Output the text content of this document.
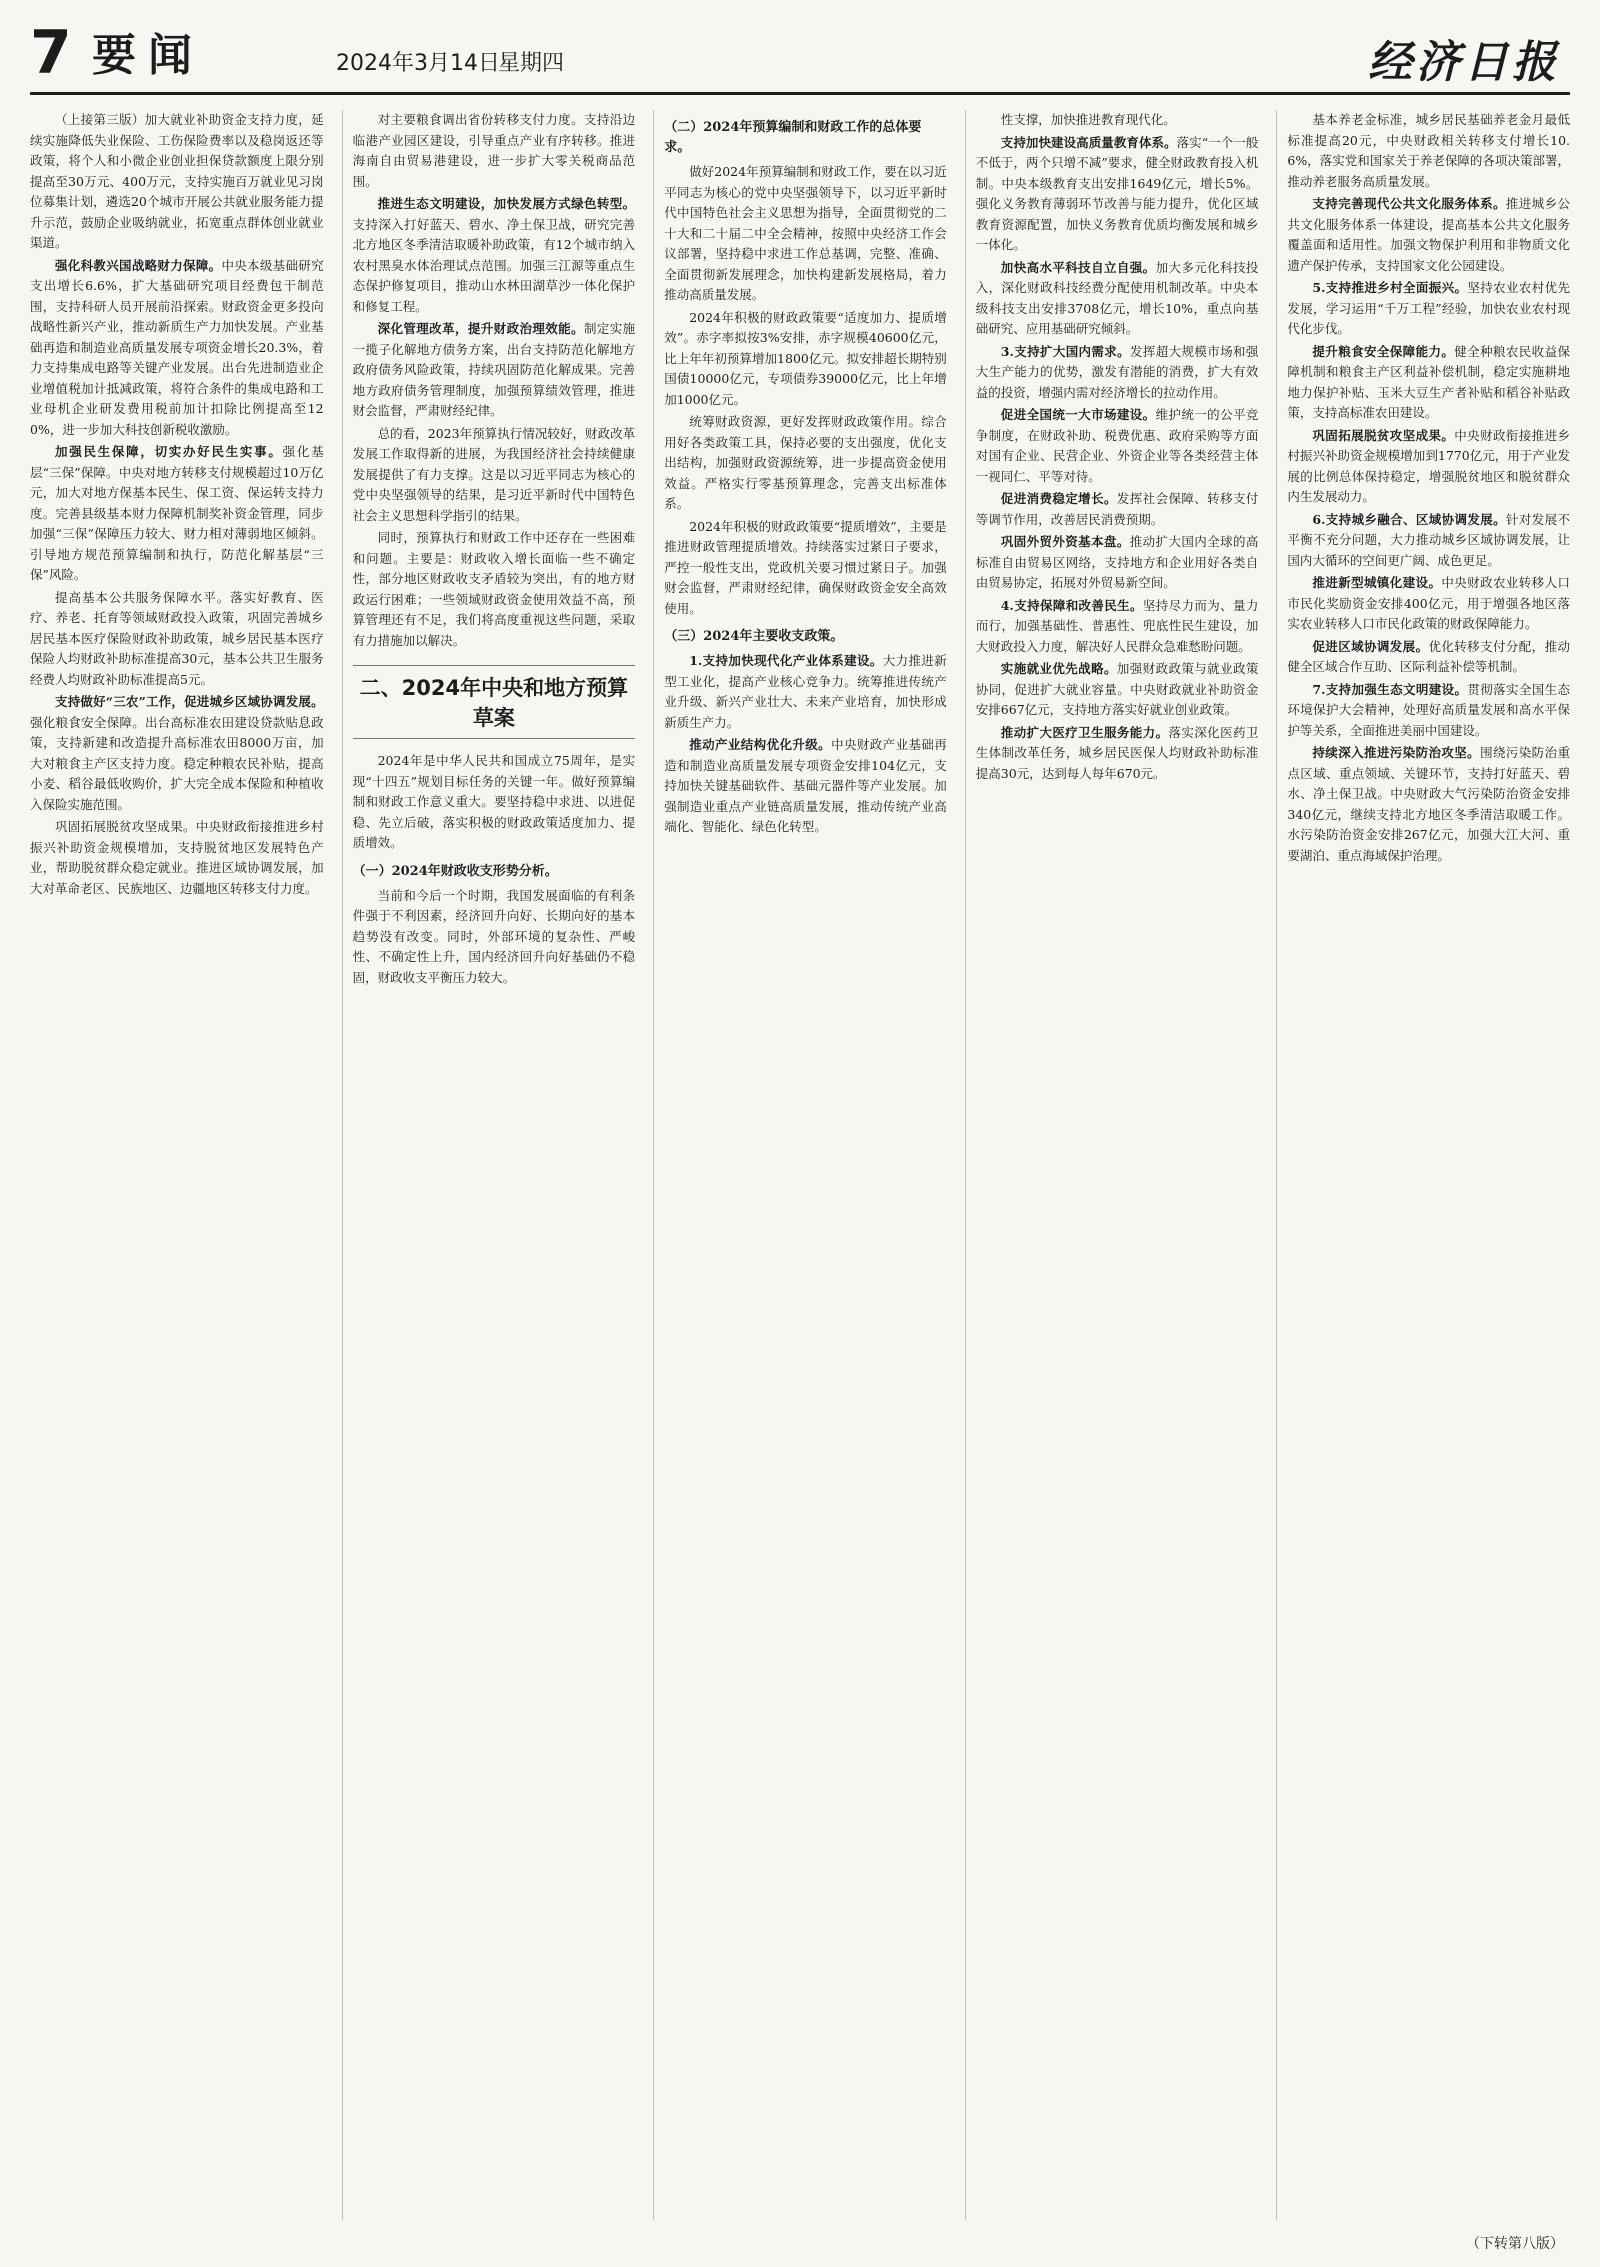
7 要闻	2024年3月14日
星期四	经济日报

（上接第三版）加大就业补助资金支持力度，延续实施降低失业保险、工伤保险费率以及稳岗返还等政策，将个人和小微企业创业担保贷款额度上限分别提高至30万元、400万元，支持实施百万就业见习岗位募集计划，遴选20个城市开展公共就业服务能力提升示范，鼓励企业吸纳就业，拓宽重点群体创业就业渠道。

强化科教兴国战略财力保障。中央本级基础研究支出增长6.6%，扩大基础研究项目经费包干制范围，支持科研人员开展前沿探索。财政资金更多投向战略性新兴产业，推动新质生产力加快发展。产业基础再造和制造业高质量发展专项资金增长20.3%，着力支持集成电路等关键产业发展。出台先进制造业企业增值税加计抵减政策，将符合条件的集成电路和工业母机企业研发费用税前加计扣除比例提高至120%，进一步加大科技创新税收激励。

加强民生保障，切实办好民生实事。强化基层“三保”保障。中央对地方转移支付规模超过10万亿元，加大对地方保基本民生、保工资、保运转支持力度。完善县级基本财力保障机制奖补资金管理，同步加强“三保”保障压力较大、财力相对薄弱地区倾斜。引导地方规范预算编制和执行，防范化解基层“三保”风险。

提高基本公共服务保障水平。落实好教育、医疗、养老、托育等领域财政投入政策，巩固完善城乡居民基本医疗保险财政补助政策，城乡居民基本医疗保险人均财政补助标准提高30元，基本公共卫生服务经费人均财政补助标准提高5元。

支持做好“三农”工作，促进城乡区域协调发展。强化粮食安全保障。出台高标准农田建设贷款贴息政策，支持新建和改造提升高标准农田8000万亩，加大对粮食主产区支持力度。稳定种粮农民补贴，提高小麦、稻谷最低收购价，扩大完全成本保险和种植收入保险实施范围。

巩固拓展脱贫攻坚成果。中央财政衔接推进乡村振兴补助资金规模增加，支持脱贫地区发展特色产业，帮助脱贫群众稳定就业。推进区域协调发展，加大对革命老区、民族地区、边疆地区转移支付力度。

对主要粮食调出省份转移支付力度。支持沿边临港产业园区建设，引导重点产业有序转移。推进海南自由贸易港建设，进一步扩大零关税商品范围。

推进生态文明建设，加快发展方式绿色转型。支持深入打好蓝天、碧水、净土保卫战，研究完善北方地区冬季清洁取暖补助政策，有12个城市纳入农村黑臭水体治理试点范围。加强三江源等重点生态保护修复项目，推动山水林田湖草沙一体化保护和修复工程。

深化管理改革，提升财政治理效能。制定实施一揽子化解地方债务方案，出台支持防范化解地方政府债务风险政策，持续巩固防范化解成果。完善地方政府债务管理制度，加强预算绩效管理，推进财会监督，严肃财经纪律。

总的看，2023年预算执行情况较好，财政改革发展工作取得新的进展，为我国经济社会持续健康发展提供了有力支撑。这是以习近平同志为核心的党中央坚强领导的结果，是习近平新时代中国特色社会主义思想科学指引的结果。

同时，预算执行和财政工作中还存在一些困难和问题。主要是：财政收入增长面临一些不确定性，部分地区财政收支矛盾较为突出，有的地方财政运行困难；一些领域财政资金使用效益不高，预算管理还有不足，我们将高度重视这些问题，采取有力措施加以解决。

二、2024年中央和地方预算草案

2024年是中华人民共和国成立75周年，是实现“十四五”规划目标任务的关键一年。做好预算编制和财政工作意义重大。要坚持稳中求进、以进促稳、先立后破，落实积极的财政政策适度加力、提质增效。

（一）2024年财政收支形势分析。

当前和今后一个时期，我国发展面临的有利条件强于不利因素，经济回升向好、长期向好的基本趋势没有改变。同时，外部环境的复杂性、严峻性、不确定性上升，国内经济回升向好基础仍不稳固，财政收支平衡压力较大。

（二）2024年预算编制和财政工作的总体要求。

做好2024年预算编制和财政工作，要在以习近平同志为核心的党中央坚强领导下，以习近平新时代中国特色社会主义思想为指导，全面贯彻党的二十大和二十届二中全会精神，按照中央经济工作会议部署，坚持稳中求进工作总基调，完整、准确、全面贯彻新发展理念，加快构建新发展格局，着力推动高质量发展。

2024年积极的财政政策要“适度加力、提质增效”。赤字率拟按3%安排，赤字规模40600亿元，比上年年初预算增加1800亿元。拟安排超长期特别国债10000亿元，专项债券39000亿元，比上年增加1000亿元。

统筹财政资源，更好发挥财政政策作用。综合用好各类政策工具，保持必要的支出强度，优化支出结构，加强财政资源统筹，进一步提高资金使用效益。严格实行零基预算理念，完善支出标准体系。

2024年积极的财政政策要“提质增效”，主要是推进财政管理提质增效。持续落实过紧日子要求，严控一般性支出，党政机关要习惯过紧日子。加强财会监督，严肃财经纪律，确保财政资金安全高效使用。

（三）2024年主要收支政策。

1.支持加快现代化产业体系建设。大力推进新型工业化，提高产业核心竞争力。统筹推进传统产业升级、新兴产业壮大、未来产业培育，加快形成新质生产力。

推动产业结构优化升级。中央财政产业基础再造和制造业高质量发展专项资金安排104亿元，支持加快关键基础软件、基础元器件等产业发展。加强制造业重点产业链高质量发展，推动传统产业高端化、智能化、绿色化转型。

性支撑，加快推进教育现代化。

支持加快建设高质量教育体系。落实“一个一般不低于，两个只增不减”要求，健全财政教育投入机制。中央本级教育支出安排1649亿元，增长5%。强化义务教育薄弱环节改善与能力提升，优化区域教育资源配置，加快义务教育优质均衡发展和城乡一体化。

加快高水平科技自立自强。加大多元化科技投入，深化财政科技经费分配使用机制改革。中央本级科技支出安排3708亿元，增长10%，重点向基础研究、应用基础研究倾斜。

3.支持扩大国内需求。发挥超大规模市场和强大生产能力的优势，激发有潜能的消费，扩大有效益的投资，增强内需对经济增长的拉动作用。

促进全国统一大市场建设。维护统一的公平竞争制度，在财政补助、税费优惠、政府采购等方面对国有企业、民营企业、外资企业等各类经营主体一视同仁、平等对待。

促进消费稳定增长。发挥社会保障、转移支付等调节作用，改善居民消费预期。

巩固外贸外资基本盘。推动扩大国内全球的高标准自由贸易区网络，支持地方和企业用好各类自由贸易协定，拓展对外贸易新空间。

4.支持保障和改善民生。坚持尽力而为、量力而行，加强基础性、普惠性、兜底性民生建设，加大财政投入力度，解决好人民群众急难愁盼问题。

实施就业优先战略。加强财政政策与就业政策协同，促进扩大就业容量。中央财政就业补助资金安排667亿元，支持地方落实好就业创业政策。

推动扩大医疗卫生服务能力。落实深化医药卫生体制改革任务，城乡居民医保人均财政补助标准提高30元，达到每人每年670元。

基本养老金标准，城乡居民基础养老金月最低标准提高20元，中央财政相关转移支付增长10.6%，落实党和国家关于养老保障的各项决策部署，推动养老服务高质量发展。

支持完善现代公共文化服务体系。推进城乡公共文化服务体系一体建设，提高基本公共文化服务覆盖面和适用性。加强文物保护利用和非物质文化遗产保护传承，支持国家文化公园建设。

5.支持推进乡村全面振兴。坚持农业农村优先发展，学习运用“千万工程”经验，加快农业农村现代化步伐。

提升粮食安全保障能力。健全种粮农民收益保障机制和粮食主产区利益补偿机制，稳定实施耕地地力保护补贴、玉米大豆生产者补贴和稻谷补贴政策，支持高标准农田建设。

巩固拓展脱贫攻坚成果。中央财政衔接推进乡村振兴补助资金规模增加到1770亿元，用于产业发展的比例总体保持稳定，增强脱贫地区和脱贫群众内生发展动力。

6.支持城乡融合、区域协调发展。针对发展不平衡不充分问题，大力推动城乡区域协调发展，让国内大循环的空间更广阔、成色更足。

推进新型城镇化建设。中央财政农业转移人口市民化奖励资金安排400亿元，用于增强各地区落实农业转移人口市民化政策的财政保障能力。

促进区域协调发展。优化转移支付分配，推动健全区域合作互助、区际利益补偿等机制。

7.支持加强生态文明建设。贯彻落实全国生态环境保护大会精神，处理好高质量发展和高水平保护等关系，全面推进美丽中国建设。

持续深入推进污染防治攻坚。围绕污染防治重点区域、重点领域、关键环节，支持打好蓝天、碧水、净土保卫战。中央财政大气污染防治资金安排340亿元，继续支持北方地区冬季清洁取暖工作。水污染防治资金安排267亿元，加强大江大河、重要湖泊、重点海域保护治理。

（下转第八版）
